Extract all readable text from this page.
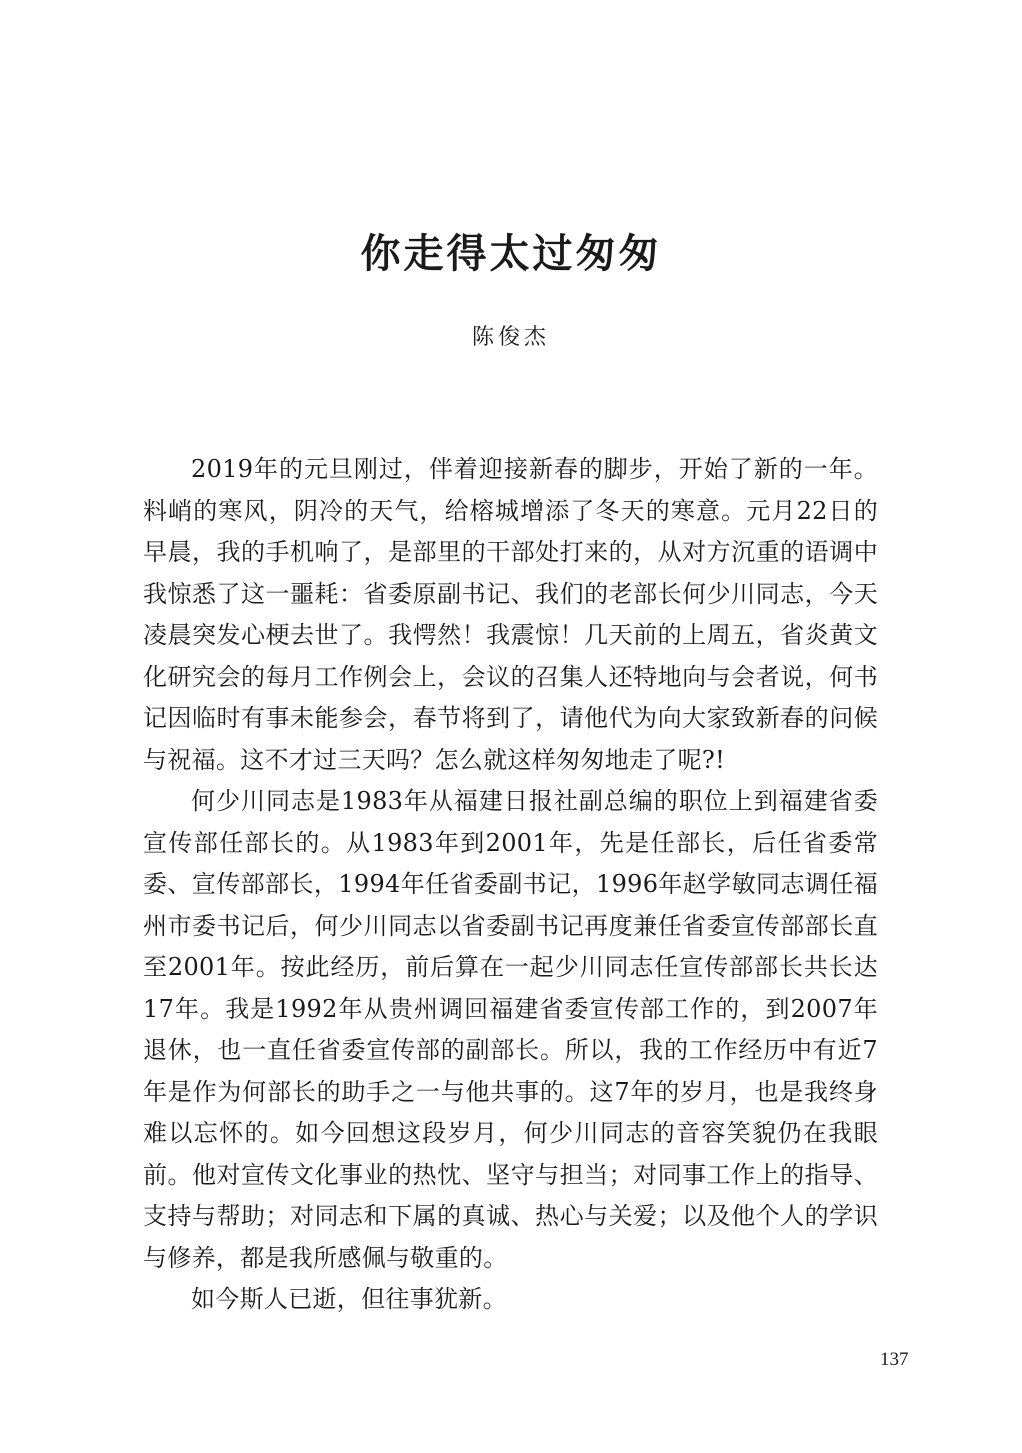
你走得太过匆匆
陈俊杰

2019年的元旦刚过，伴着迎接新春的脚步，开始了新的一年。料峭的寒风，阴冷的天气，给榕城增添了冬天的寒意。元月22日的早晨，我的手机响了，是部里的干部处打来的，从对方沉重的语调中我惊悉了这一噩耗：省委原副书记、我们的老部长何少川同志，今天凌晨突发心梗去世了。我愕然！我震惊！几天前的上周五，省炎黄文化研究会的每月工作例会上，会议的召集人还特地向与会者说，何书记因临时有事未能参会，春节将到了，请他代为向大家致新春的问候与祝福。这不才过三天吗？怎么就这样匆匆地走了呢?!

何少川同志是1983年从福建日报社副总编的职位上到福建省委宣传部任部长的。从1983年到2001年，先是任部长，后任省委常委、宣传部部长，1994年任省委副书记，1996年赵学敏同志调任福州市委书记后，何少川同志以省委副书记再度兼任省委宣传部部长直至2001年。按此经历，前后算在一起少川同志任宣传部部长共长达17年。我是1992年从贵州调回福建省委宣传部工作的，到2007年退休，也一直任省委宣传部的副部长。所以，我的工作经历中有近7年是作为何部长的助手之一与他共事的。这7年的岁月，也是我终身难以忘怀的。如今回想这段岁月，何少川同志的音容笑貌仍在我眼前。他对宣传文化事业的热忱、坚守与担当；对同事工作上的指导、支持与帮助；对同志和下属的真诚、热心与关爱；以及他个人的学识与修养，都是我所感佩与敬重的。

如今斯人已逝，但往事犹新。

137
